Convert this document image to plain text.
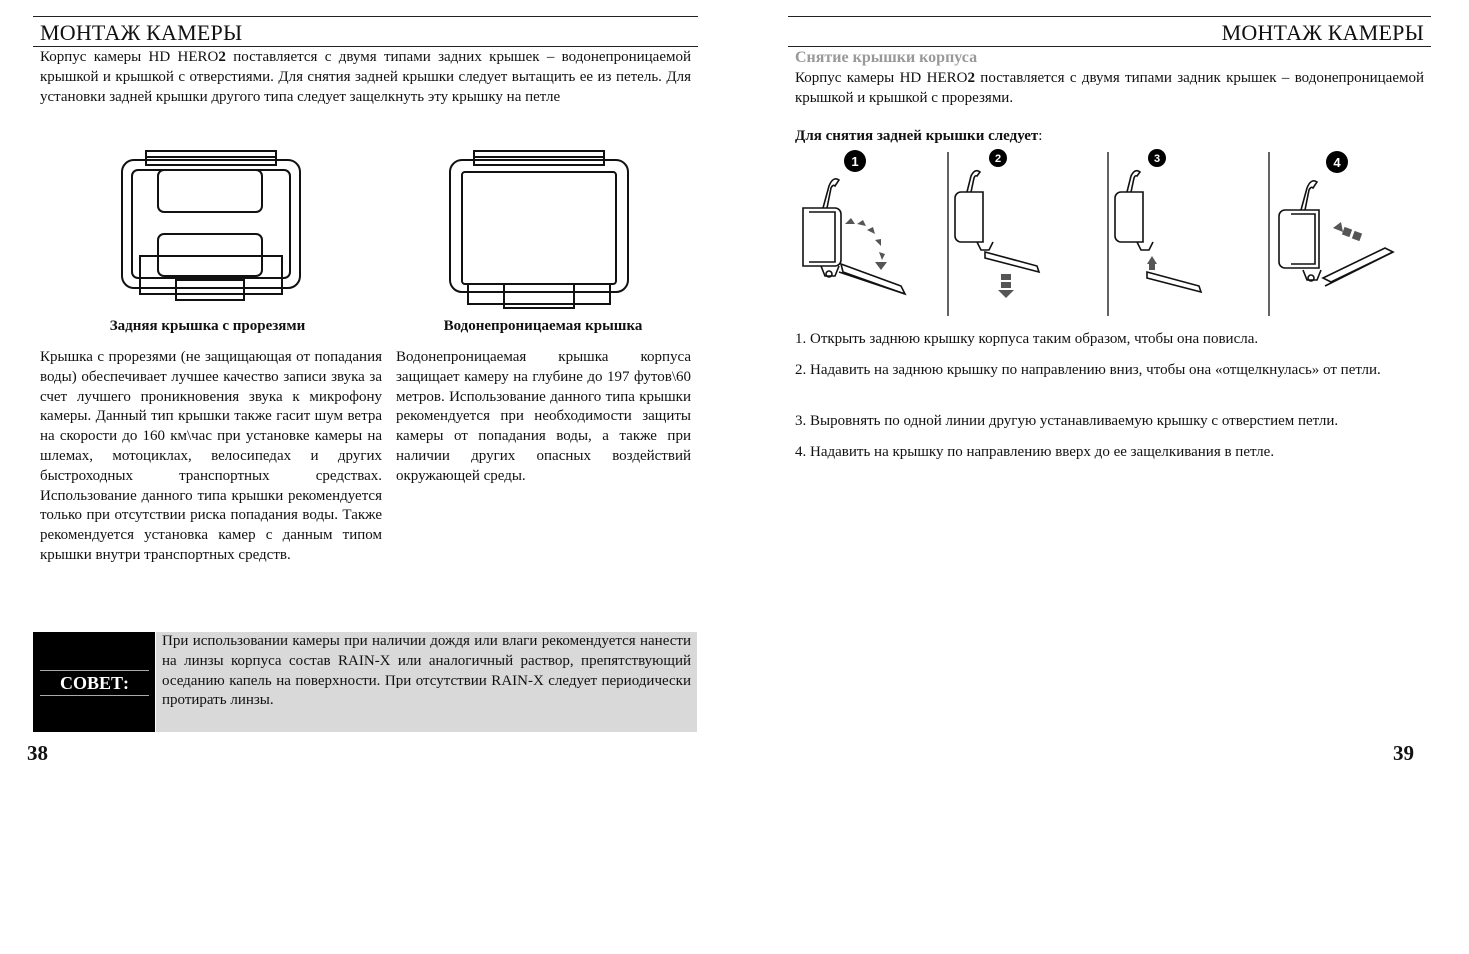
МОНТАЖ КАМЕРЫ

Корпус камеры HD HERO2 поставляется с двумя типами задних крышек – водонепроницаемой крышкой и крышкой с отверстиями. Для снятия задней крышки следует вытащить ее из петель. Для установки задней крышки другого типа следует защелкнуть эту крышку на петле

Задняя крышка с прорезями	Водонепроницаемая крышка

Крышка с прорезями (не защищающая от попадания воды) обеспечивает лучшее качество записи звука за счет лучшего проникновения звука к микрофону камеры. Данный тип крышки также гасит шум ветра на скорости до 160 км\час при установке камеры на шлемах, мотоциклах, велосипедах и других быстроходных транспортных средствах. Использование данного типа крышки рекомендуется только при отсутствии риска попадания воды. Также рекомендуется установка камер с данным типом крышки внутри транспортных средств.

Водонепроницаемая крышка корпуса защищает камеру на глубине до 197 футов\60 метров. Использование данного типа крышки рекомендуется при необходимости защиты камеры от попадания воды, а также при наличии других опасных воздействий окружающей среды.

СОВЕТ:

При использовании камеры при наличии дождя или влаги рекомендуется нанести на линзы корпуса состав RAIN-X или аналогичный раствор, препятствующий оседанию капель на поверхности. При отсутствии RAIN-X следует периодически протирать линзы.

38
МОНТАЖ КАМЕРЫ
Снятие крышки корпуса

Корпус камеры HD HERO2 поставляется с двумя типами задник крышек – водонепроницаемой крышкой и крышкой с прорезями.

Для снятия задней крышки следует:
1	2	3	4

1. Открыть заднюю крышку корпуса таким образом, чтобы она повисла.

2. Надавить на заднюю крышку по направлению вниз, чтобы она «отщелкнулась» от петли.

3. Выровнять по одной линии другую устанавливаемую крышку с отверстием петли.

4. Надавить на крышку по направлению вверх до ее защелкивания в петле.

39
